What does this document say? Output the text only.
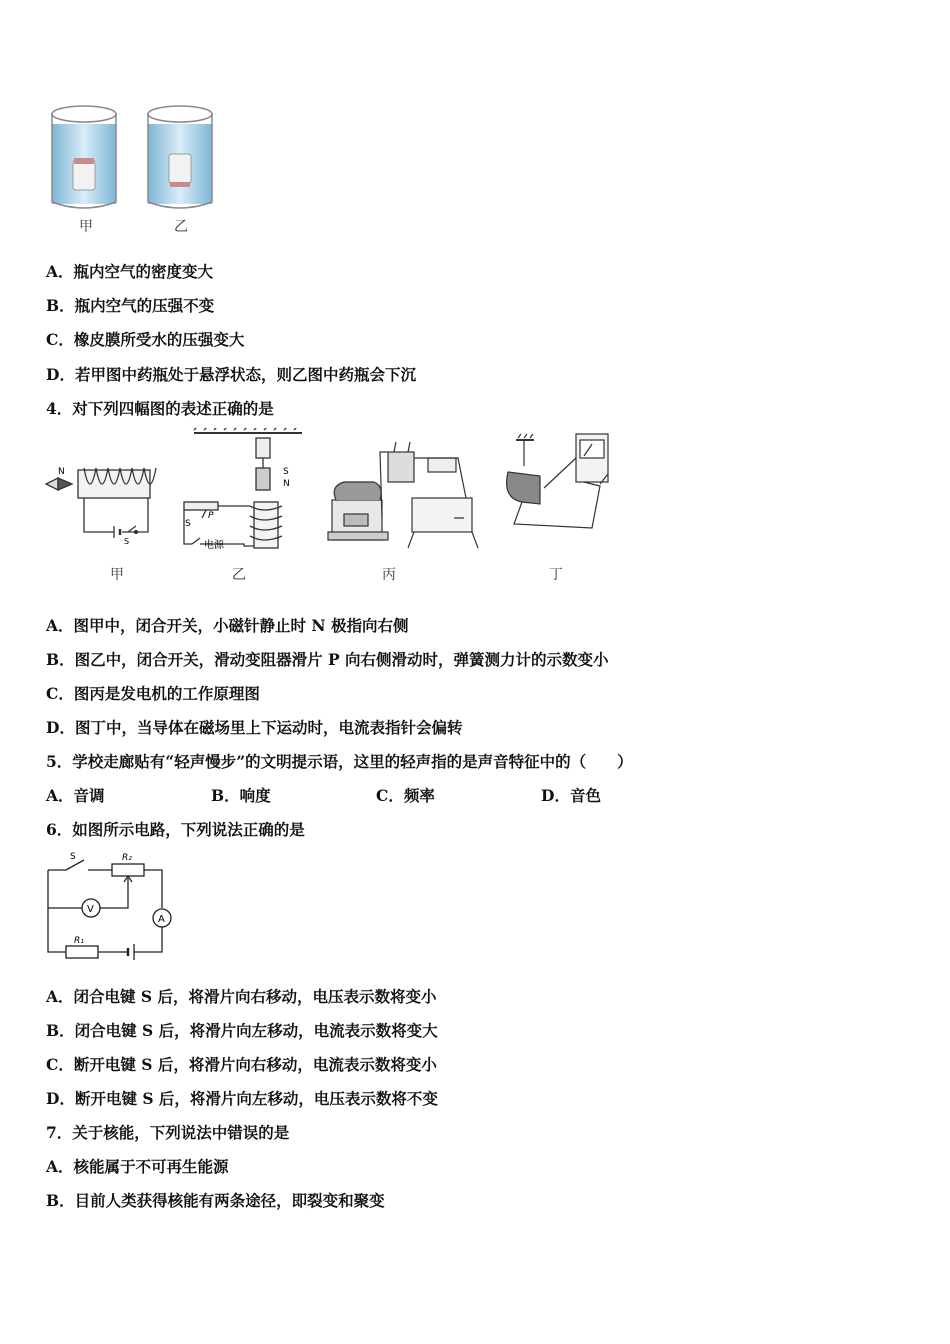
甲	乙
A．瓶内空气的密度变大
B．瓶内空气的压强不变
C．橡皮膜所受水的压强变大
D．若甲图中药瓶处于悬浮状态，则乙图中药瓶会下沉
4．对下列四幅图的表述正确的是
N
S
S
N
P
S
电源
甲	乙	丙	丁
A．图甲中，闭合开关，小磁针静止时 N 极指向右侧
B．图乙中，闭合开关，滑动变阻器滑片 P 向右侧滑动时，弹簧测力计的示数变小
C．图丙是发电机的工作原理图
D．图丁中，当导体在磁场里上下运动时，电流表指针会偏转
5．学校走廊贴有“轻声慢步”的文明提示语，这里的轻声指的是声音特征中的（　　）
A．音调	B．响度	C．频率	D．音色
6．如图所示电路，下列说法正确的是
S	R₂
V
A
R₁
A．闭合电键 S 后，将滑片向右移动，电压表示数将变小
B．闭合电键 S 后，将滑片向左移动，电流表示数将变大
C．断开电键 S 后，将滑片向右移动，电流表示数将变小
D．断开电键 S 后，将滑片向左移动，电压表示数将不变
7．关于核能，下列说法中错误的是
A．核能属于不可再生能源
B．目前人类获得核能有两条途径，即裂变和聚变
